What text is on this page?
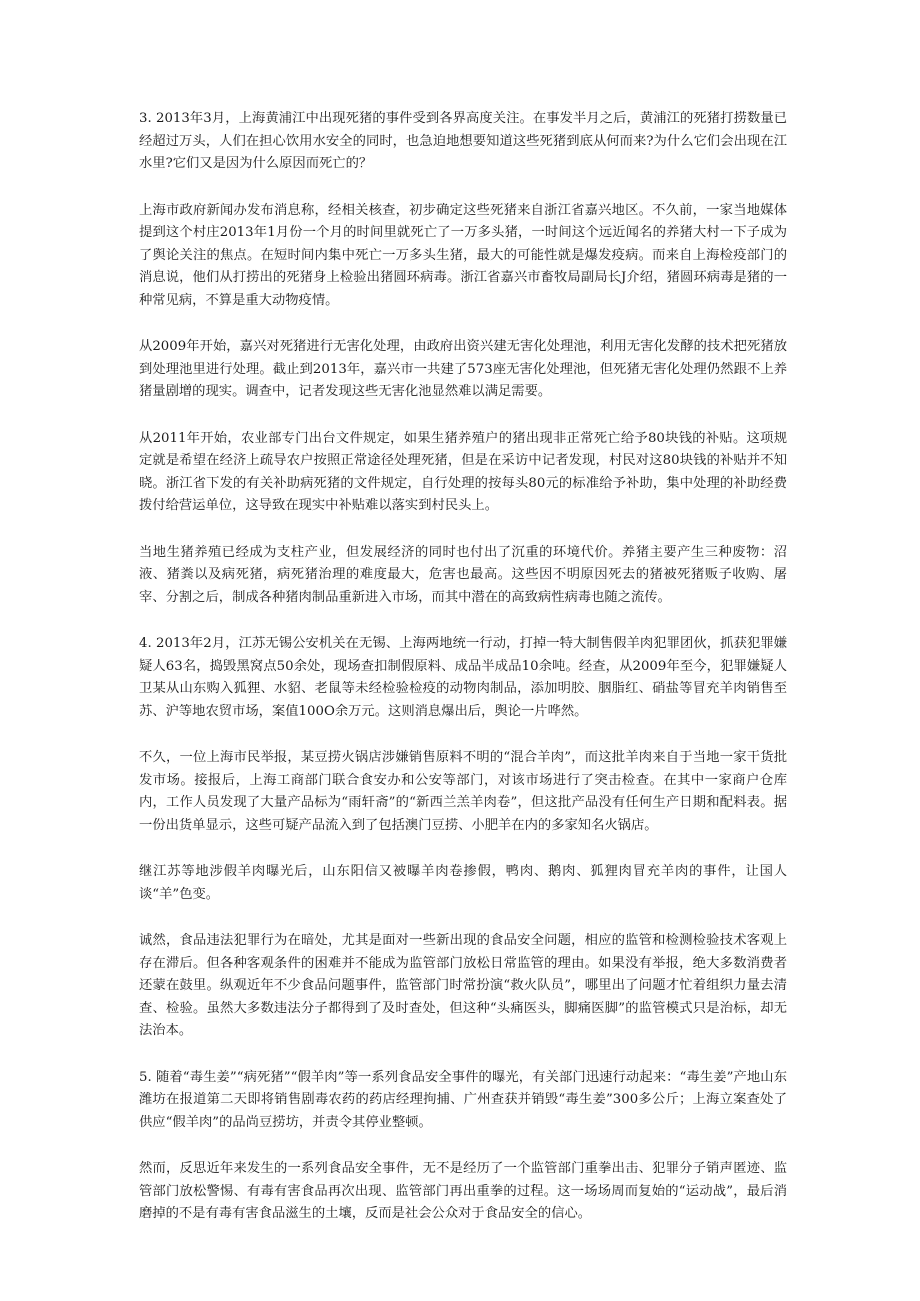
3. 2013年3月，上海黄浦江中出现死猪的事件受到各界高度关注。在事发半月之后，黄浦江的死猪打捞数量已经超过万头，人们在担心饮用水安全的同时，也急迫地想要知道这些死猪到底从何而来?为什么它们会出现在江水里?它们又是因为什么原因而死亡的？

上海市政府新闻办发布消息称，经相关核查，初步确定这些死猪来自浙江省嘉兴地区。不久前，一家当地媒体提到这个村庄2013年1月份一个月的时间里就死亡了一万多头猪，一时间这个远近闻名的养猪大村一下子成为了舆论关注的焦点。在短时间内集中死亡一万多头生猪，最大的可能性就是爆发疫病。而来自上海检疫部门的消息说，他们从打捞出的死猪身上检验出猪圆环病毒。浙江省嘉兴市畜牧局副局长J介绍，猪圆环病毒是猪的一种常见病，不算是重大动物疫情。

从2009年开始，嘉兴对死猪进行无害化处理，由政府出资兴建无害化处理池，利用无害化发酵的技术把死猪放到处理池里进行处理。截止到2013年，嘉兴市一共建了573座无害化处理池，但死猪无害化处理仍然跟不上养猪量剧增的现实。调查中，记者发现这些无害化池显然难以满足需要。

从2011年开始，农业部专门出台文件规定，如果生猪养殖户的猪出现非正常死亡给予80块钱的补贴。这项规定就是希望在经济上疏导农户按照正常途径处理死猪，但是在采访中记者发现，村民对这80块钱的补贴并不知晓。浙江省下发的有关补助病死猪的文件规定，自行处理的按每头80元的标准给予补助，集中处理的补助经费拨付给营运单位，这导致在现实中补贴难以落实到村民头上。

当地生猪养殖已经成为支柱产业，但发展经济的同时也付出了沉重的环境代价。养猪主要产生三种废物：沼液、猪粪以及病死猪，病死猪治理的难度最大，危害也最高。这些因不明原因死去的猪被死猪贩子收购、屠宰、分割之后，制成各种猪肉制品重新进入市场，而其中潜在的高致病性病毒也随之流传。

4. 2013年2月，江苏无锡公安机关在无锡、上海两地统一行动，打掉一特大制售假羊肉犯罪团伙，抓获犯罪嫌疑人63名，捣毁黑窝点50余处，现场查扣制假原料、成品半成品10余吨。经查，从2009年至今，犯罪嫌疑人卫某从山东购入狐狸、水貂、老鼠等未经检验检疫的动物肉制品，添加明胶、胭脂红、硝盐等冒充羊肉销售至苏、沪等地农贸市场，案值100O余万元。这则消息爆出后，舆论一片哗然。

不久，一位上海市民举报，某豆捞火锅店涉嫌销售原料不明的“混合羊肉”，而这批羊肉来自于当地一家干货批发市场。接报后，上海工商部门联合食安办和公安等部门，对该市场进行了突击检查。在其中一家商户仓库内，工作人员发现了大量产品标为“雨轩斋”的“新西兰羔羊肉卷”，但这批产品没有任何生产日期和配料表。据一份出货单显示，这些可疑产品流入到了包括澳门豆捞、小肥羊在内的多家知名火锅店。

继江苏等地涉假羊肉曝光后，山东阳信又被曝羊肉卷掺假，鸭肉、鹅肉、狐狸肉冒充羊肉的事件，让国人谈“羊”色变。

诚然，食品违法犯罪行为在暗处，尤其是面对一些新出现的食品安全问题，相应的监管和检测检验技术客观上存在滞后。但各种客观条件的困难并不能成为监管部门放松日常监管的理由。如果没有举报，绝大多数消费者还蒙在鼓里。纵观近年不少食品问题事件，监管部门时常扮演“救火队员”，哪里出了问题才忙着组织力量去清查、检验。虽然大多数违法分子都得到了及时查处，但这种“头痛医头，脚痛医脚”的监管模式只是治标，却无法治本。

5. 随着“毒生姜”“病死猪”“假羊肉”等一系列食品安全事件的曝光，有关部门迅速行动起来：“毒生姜”产地山东潍坊在报道第二天即将销售剧毒农药的药店经理拘捕、广州查获并销毁“毒生姜”300多公斤；上海立案查处了供应“假羊肉”的品尚豆捞坊，并责令其停业整顿。

然而，反思近年来发生的一系列食品安全事件，无不是经历了一个监管部门重拳出击、犯罪分子销声匿迹、监管部门放松警惕、有毒有害食品再次出现、监管部门再出重拳的过程。这一场场周而复始的“运动战”，最后消磨掉的不是有毒有害食品滋生的土壤，反而是社会公众对于食品安全的信心。
